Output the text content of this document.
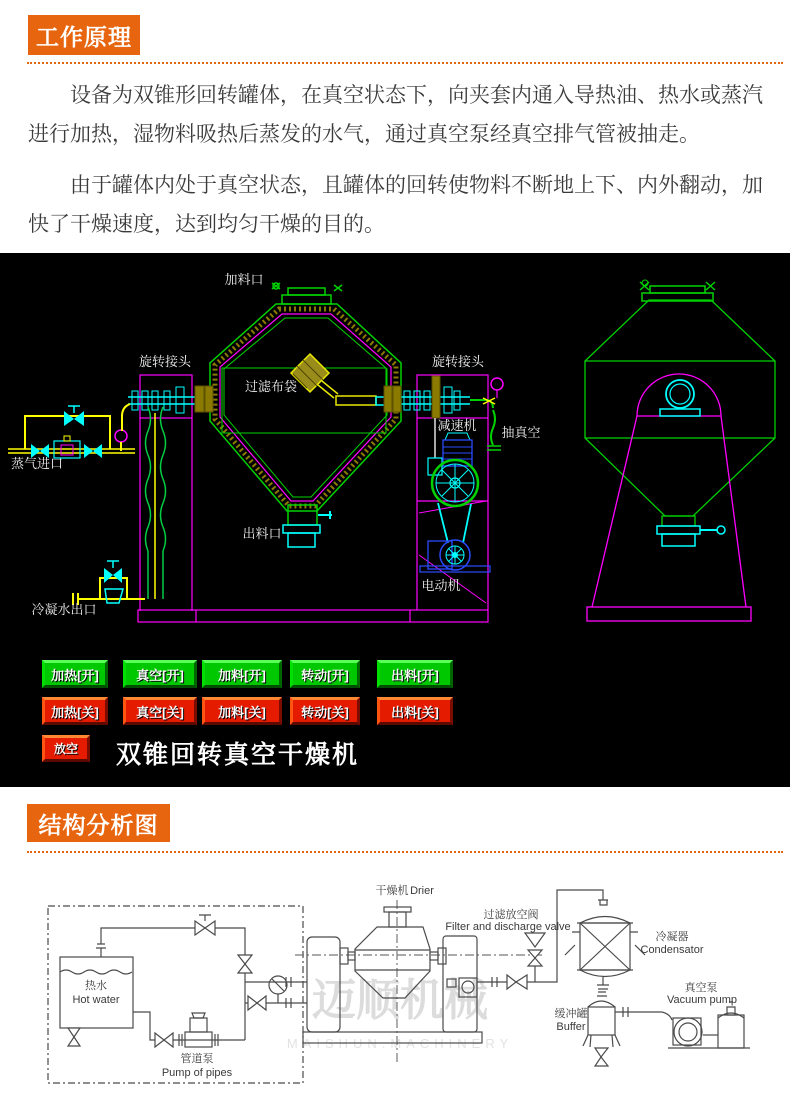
工作原理

设备为双锥形回转罐体，在真空状态下，向夹套内通入导热油、热水或蒸汽进行加热，湿物料吸热后蒸发的水气，通过真空泵经真空排气管被抽走。

由于罐体内处于真空状态，且罐体的回转使物料不断地上下、内外翻动，加快了干燥速度，达到均匀干燥的目的。

加料口
旋转接头
过滤布袋
旋转接头
减速机 抽真空
蒸气进口
出料口
电动机
冷凝水出口
加热[开]	真空[开]	加料[开]	转动[开]	出料[开]
加热[关]	真空[关]	加料[关]	转动[关]	出料[关]
放空	双锥回转真空干燥机
结构分析图
迈顺机械
MAISHUN.MACHINERY
干燥机 Drier
过滤放空阀
Filter and discharge valve
冷凝器
Condensator
缓冲罐
Buffer
真空泵
Vacuum pump
热水
Hot water
管道泵
Pump of pipes
